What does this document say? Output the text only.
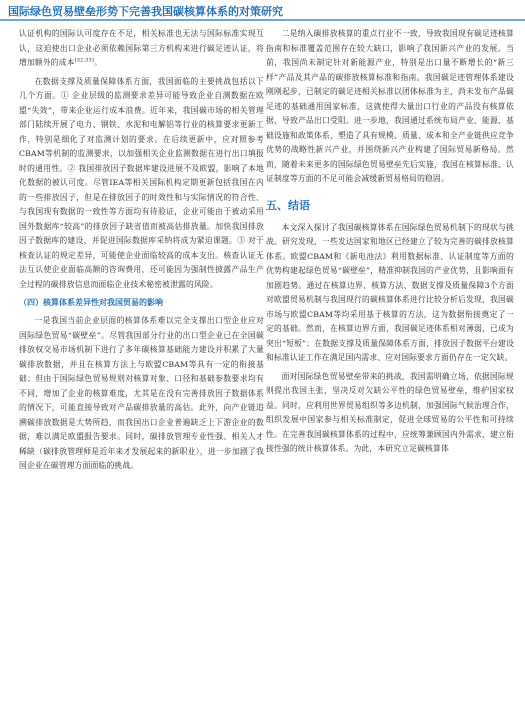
国际绿色贸易壁垒形势下完善我国碳核算体系的对策研究

认证机构的国际认可度存在不足，相关标准也无法与国际标准实现互认，这迫使出口企业必须依赖国际第三方机构来进行碳足迹认证，将增加额外的成本[32,33]。

在数据支撑及质量保障体系方面，我国面临的主要挑战包括以下几个方面。① 企业层级的监测要求差异可能导致企业自测数据在欧盟“失效”，带来企业运行成本浪费。近年来，我国碳市场的相关管理部门陆续开展了电力、钢铁、水泥和电解铝等行业的核算要求更新工作，特别是细化了对监测计划的要求。在后续更新中，应对照参考CBAM等机制的监测要求，以加强相关企业监测数据在进行出口填报时的通用性。② 我国排放因子数据库建设进展不及欧盟，影响了本地化数据的被认可度。尽管IEA等相关国际机构定期更新包括我国在内的一些排放因子，但是在排放因子的时效性和与实际情况的符合性、与我国现有数据的一致性等方面均有待验证，企业可能由于被动采用国外数据库“较高”的排放因子缺省值而被高估排放量。加快我国排放因子数据库的建设，并促进国际数据库采纳将成为紧迫课题。③ 对于核查认证的规定差异，可能使企业面临较高的成本支出。核查认证无法互认使企业面临高额的咨询费用，还可能因为强制性披露产品生产全过程的碳排放信息而面临企业技术秘密被泄露的风险。

（四）核算体系差异性对我国贸易的影响

一是我国当前企业层面的核算体系难以完全支撑出口型企业应对国际绿色贸易“碳壁垒”。尽管我国部分行业的出口型企业已在全国碳排放权交易市场机制下进行了多年碳核算基础能力建设并积累了大量碳排放数据，并且在核算方法上与欧盟CBAM等具有一定的衔接基础；但由于国际绿色贸易规则对核算对象、口径和基础参数要求均有不同，增加了企业的核算难度，尤其是在没有完善排放因子数据体系的情况下，可能直接导致对产品碳排放量的高估。此外，向产业链追溯碳排放数据是大势所趋，而我国出口企业普遍缺乏上下游企业的数据，难以满足欧盟报告要求。同时，碳排放管理专业性强、相关人才稀缺（碳排放管理师是近年来才发展起来的新职业），进一步加剧了我国企业在碳管理方面面临的挑战。

二是纳入碳排放核算的重点行业不一致，导致我国现有碳足迹核算指南和标准覆盖范围存在较大缺口，影响了我国新兴产业的发展。当前，我国尚未制定针对新能源产业，特别是出口量不断增长的“新三样”产品及其产品的碳排放核算标准和指南。我国碳足迹管理体系建设刚刚起步，已制定的碳足迹相关标准以团体标准为主，尚未发布产品碳足迹的基础通用国家标准，这就使得大量出口行业的产品没有核算依据，导致产品出口受阻。进一步地，我国通过系统布局产业、能源、基础设施和政策体系，塑造了具有规模、质量、成本和全产业链供应竞争优势的战略性新兴产业，并围绕新兴产业构建了国际贸易新格局。然而，随着未来更多的国际绿色贸易壁垒先后实施，我国在核算标准、认证制度等方面的不足可能会减缓新贸易格局的稳固。

五、结语

本文深入探讨了我国碳核算体系在国际绿色贸易机制下的现状与挑战。研究发现，一些发达国家和地区已经建立了较为完善的碳排放核算体系。欧盟CBAM和《新电池法》利用数据标准、认证制度等方面的优势构建起绿色贸易“碳壁垒”，精准抑制我国的产业优势，且影响面有加剧趋势。通过在核算边界、核算方法、数据支撑及质量保障3个方面对欧盟贸易机制与我国现行的碳核算体系进行比较分析后发现，我国碳市场与欧盟CBAM等均采用基于核算的方法，这为数据衔接奠定了一定的基础。然而，在核算边界方面，我国碳足迹体系相对薄弱，已成为突出“短板”；在数据支撑及质量保障体系方面，排放因子数据平台建设和标准认证工作在满足国内需求、应对国际要求方面仍存在一定欠缺。

面对国际绿色贸易壁垒带来的挑战，我国需明确立场，依据国际规则提出我国主张，坚决反对欠缺公平性的绿色贸易壁垒，维护国家权益。同时，应利用世界贸易组织等多边机制，加强国际气候治理合作，组织发展中国家参与相关标准制定，促进全球贸易的公平性和可持续性。在完善我国碳核算体系的过程中，应统筹兼顾国内外需求，建立衔接性强的统计核算体系。为此，本研究立足碳核算体
